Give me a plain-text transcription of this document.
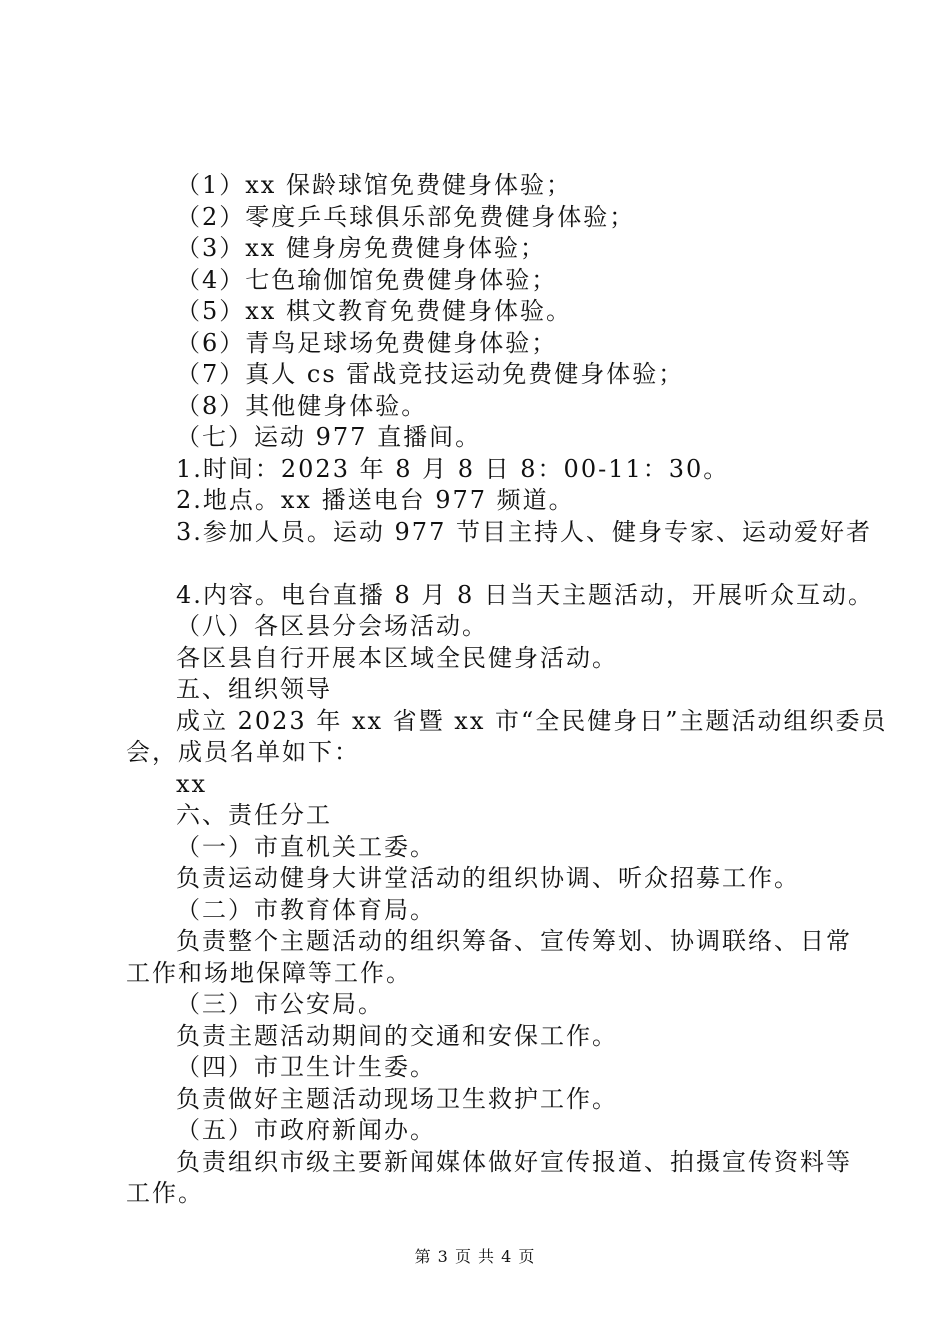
（1）xx 保龄球馆免费健身体验；
（2）零度乒乓球俱乐部免费健身体验；
（3）xx 健身房免费健身体验；
（4）七色瑜伽馆免费健身体验；
（5）xx 棋文教育免费健身体验。
（6）青鸟足球场免费健身体验；
（7）真人 cs 雷战竞技运动免费健身体验；
（8）其他健身体验。
（七）运动 977 直播间。
1.时间：2023 年 8 月 8 日 8：00-11：30。
2.地点。xx 播送电台 977 频道。
3.参加人员。运动 977 节目主持人、健身专家、运动爱好者
4.内容。电台直播 8 月 8 日当天主题活动，开展听众互动。
（八）各区县分会场活动。
各区县自行开展本区域全民健身活动。
五、组织领导
成立 2023 年 xx 省暨 xx 市“全民健身日”主题活动组织委员
会，成员名单如下：
xx
六、责任分工
（一）市直机关工委。
负责运动健身大讲堂活动的组织协调、听众招募工作。
（二）市教育体育局。
负责整个主题活动的组织筹备、宣传筹划、协调联络、日常
工作和场地保障等工作。
（三）市公安局。
负责主题活动期间的交通和安保工作。
（四）市卫生计生委。
负责做好主题活动现场卫生救护工作。
（五）市政府新闻办。
负责组织市级主要新闻媒体做好宣传报道、拍摄宣传资料等
工作。
第 3 页 共 4 页
